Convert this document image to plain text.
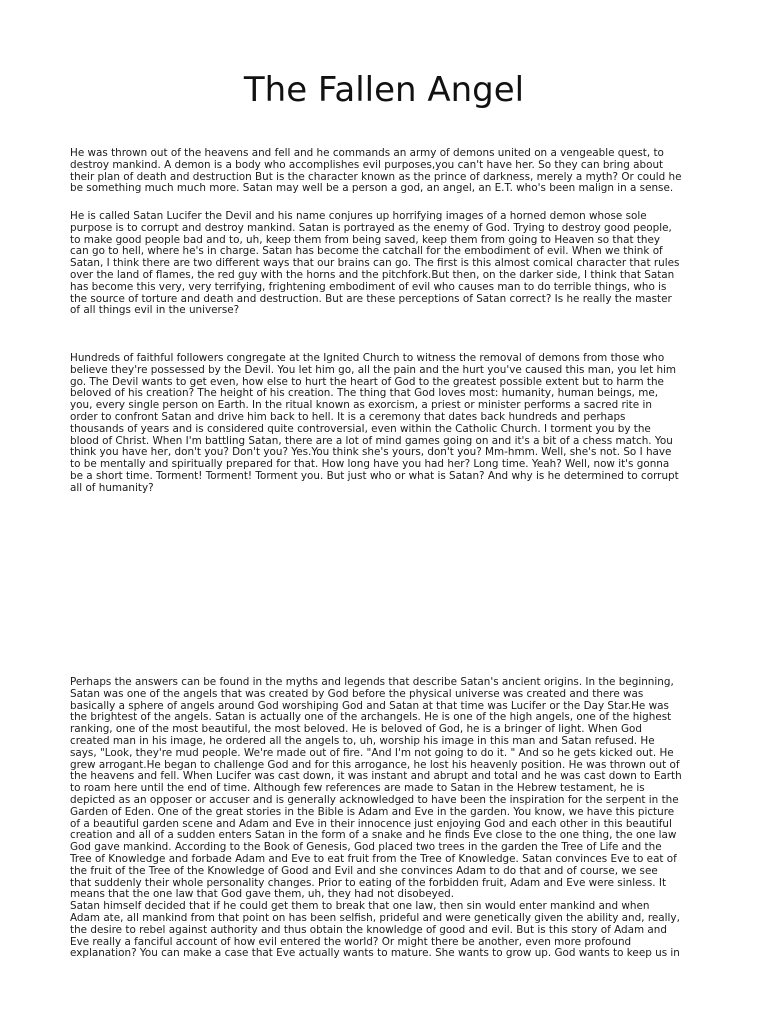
The Fallen Angel

He was thrown out of the heavens and fell and he commands an army of demons united on a vengeable quest, to
destroy mankind. A demon is a body who accomplishes evil purposes,you can't have her. So they can bring about
their plan of death and destruction But is the character known as the prince of darkness, merely a myth? Or could he
be something much much more. Satan may well be a person a god, an angel, an E.T. who's been malign in a sense.

He is called Satan Lucifer the Devil and his name conjures up horrifying images of a horned demon whose sole
purpose is to corrupt and destroy mankind. Satan is portrayed as the enemy of God. Trying to destroy good people,
to make good people bad and to, uh, keep them from being saved, keep them from going to Heaven so that they
can go to hell, where he's in charge. Satan has become the catchall for the embodiment of evil. When we think of
Satan, I think there are two different ways that our brains can go. The first is this almost comical character that rules
over the land of flames, the red guy with the horns and the pitchfork.But then, on the darker side, I think that Satan
has become this very, very terrifying, frightening embodiment of evil who causes man to do terrible things, who is
the source of torture and death and destruction. But are these perceptions of Satan correct? Is he really the master
of all things evil in the universe?

Hundreds of faithful followers congregate at the Ignited Church to witness the removal of demons from those who
believe they're possessed by the Devil. You let him go, all the pain and the hurt you've caused this man, you let him
go. The Devil wants to get even, how else to hurt the heart of God to the greatest possible extent but to harm the
beloved of his creation? The height of his creation. The thing that God loves most: humanity, human beings, me,
you, every single person on Earth. In the ritual known as exorcism, a priest or minister performs a sacred rite in
order to confront Satan and drive him back to hell. It is a ceremony that dates back hundreds and perhaps
thousands of years and is considered quite controversial, even within the Catholic Church. I torment you by the
blood of Christ. When I'm battling Satan, there are a lot of mind games going on and it's a bit of a chess match. You
think you have her, don't you? Don't you? Yes.You think she's yours, don't you? Mm-hmm. Well, she's not. So I have
to be mentally and spiritually prepared for that. How long have you had her? Long time. Yeah? Well, now it's gonna
be a short time. Torment! Torment! Torment you. But just who or what is Satan? And why is he determined to corrupt
all of humanity?

Perhaps the answers can be found in the myths and legends that describe Satan's ancient origins. In the beginning,
Satan was one of the angels that was created by God before the physical universe was created and there was
basically a sphere of angels around God worshiping God and Satan at that time was Lucifer or the Day Star.He was
the brightest of the angels. Satan is actually one of the archangels. He is one of the high angels, one of the highest
ranking, one of the most beautiful, the most beloved. He is beloved of God, he is a bringer of light. When God
created man in his image, he ordered all the angels to, uh, worship his image in this man and Satan refused. He
says, "Look, they're mud people. We're made out of fire. "And I'm not going to do it. " And so he gets kicked out. He
grew arrogant.He began to challenge God and for this arrogance, he lost his heavenly position. He was thrown out of
the heavens and fell. When Lucifer was cast down, it was instant and abrupt and total and he was cast down to Earth
to roam here until the end of time. Although few references are made to Satan in the Hebrew testament, he is
depicted as an opposer or accuser and is generally acknowledged to have been the inspiration for the serpent in the
Garden of Eden. One of the great stories in the Bible is Adam and Eve in the garden. You know, we have this picture
of a beautiful garden scene and Adam and Eve in their innocence just enjoying God and each other in this beautiful
creation and all of a sudden enters Satan in the form of a snake and he finds Eve close to the one thing, the one law
God gave mankind. According to the Book of Genesis, God placed two trees in the garden the Tree of Life and the
Tree of Knowledge and forbade Adam and Eve to eat fruit from the Tree of Knowledge. Satan convinces Eve to eat of
the fruit of the Tree of the Knowledge of Good and Evil and she convinces Adam to do that and of course, we see
that suddenly their whole personality changes. Prior to eating of the forbidden fruit, Adam and Eve were sinless. It
means that the one law that God gave them, uh, they had not disobeyed.
Satan himself decided that if he could get them to break that one law, then sin would enter mankind and when
Adam ate, all mankind from that point on has been selfish, prideful and were genetically given the ability and, really,
the desire to rebel against authority and thus obtain the knowledge of good and evil. But is this story of Adam and
Eve really a fanciful account of how evil entered the world? Or might there be another, even more profound
explanation? You can make a case that Eve actually wants to mature. She wants to grow up. God wants to keep us in
